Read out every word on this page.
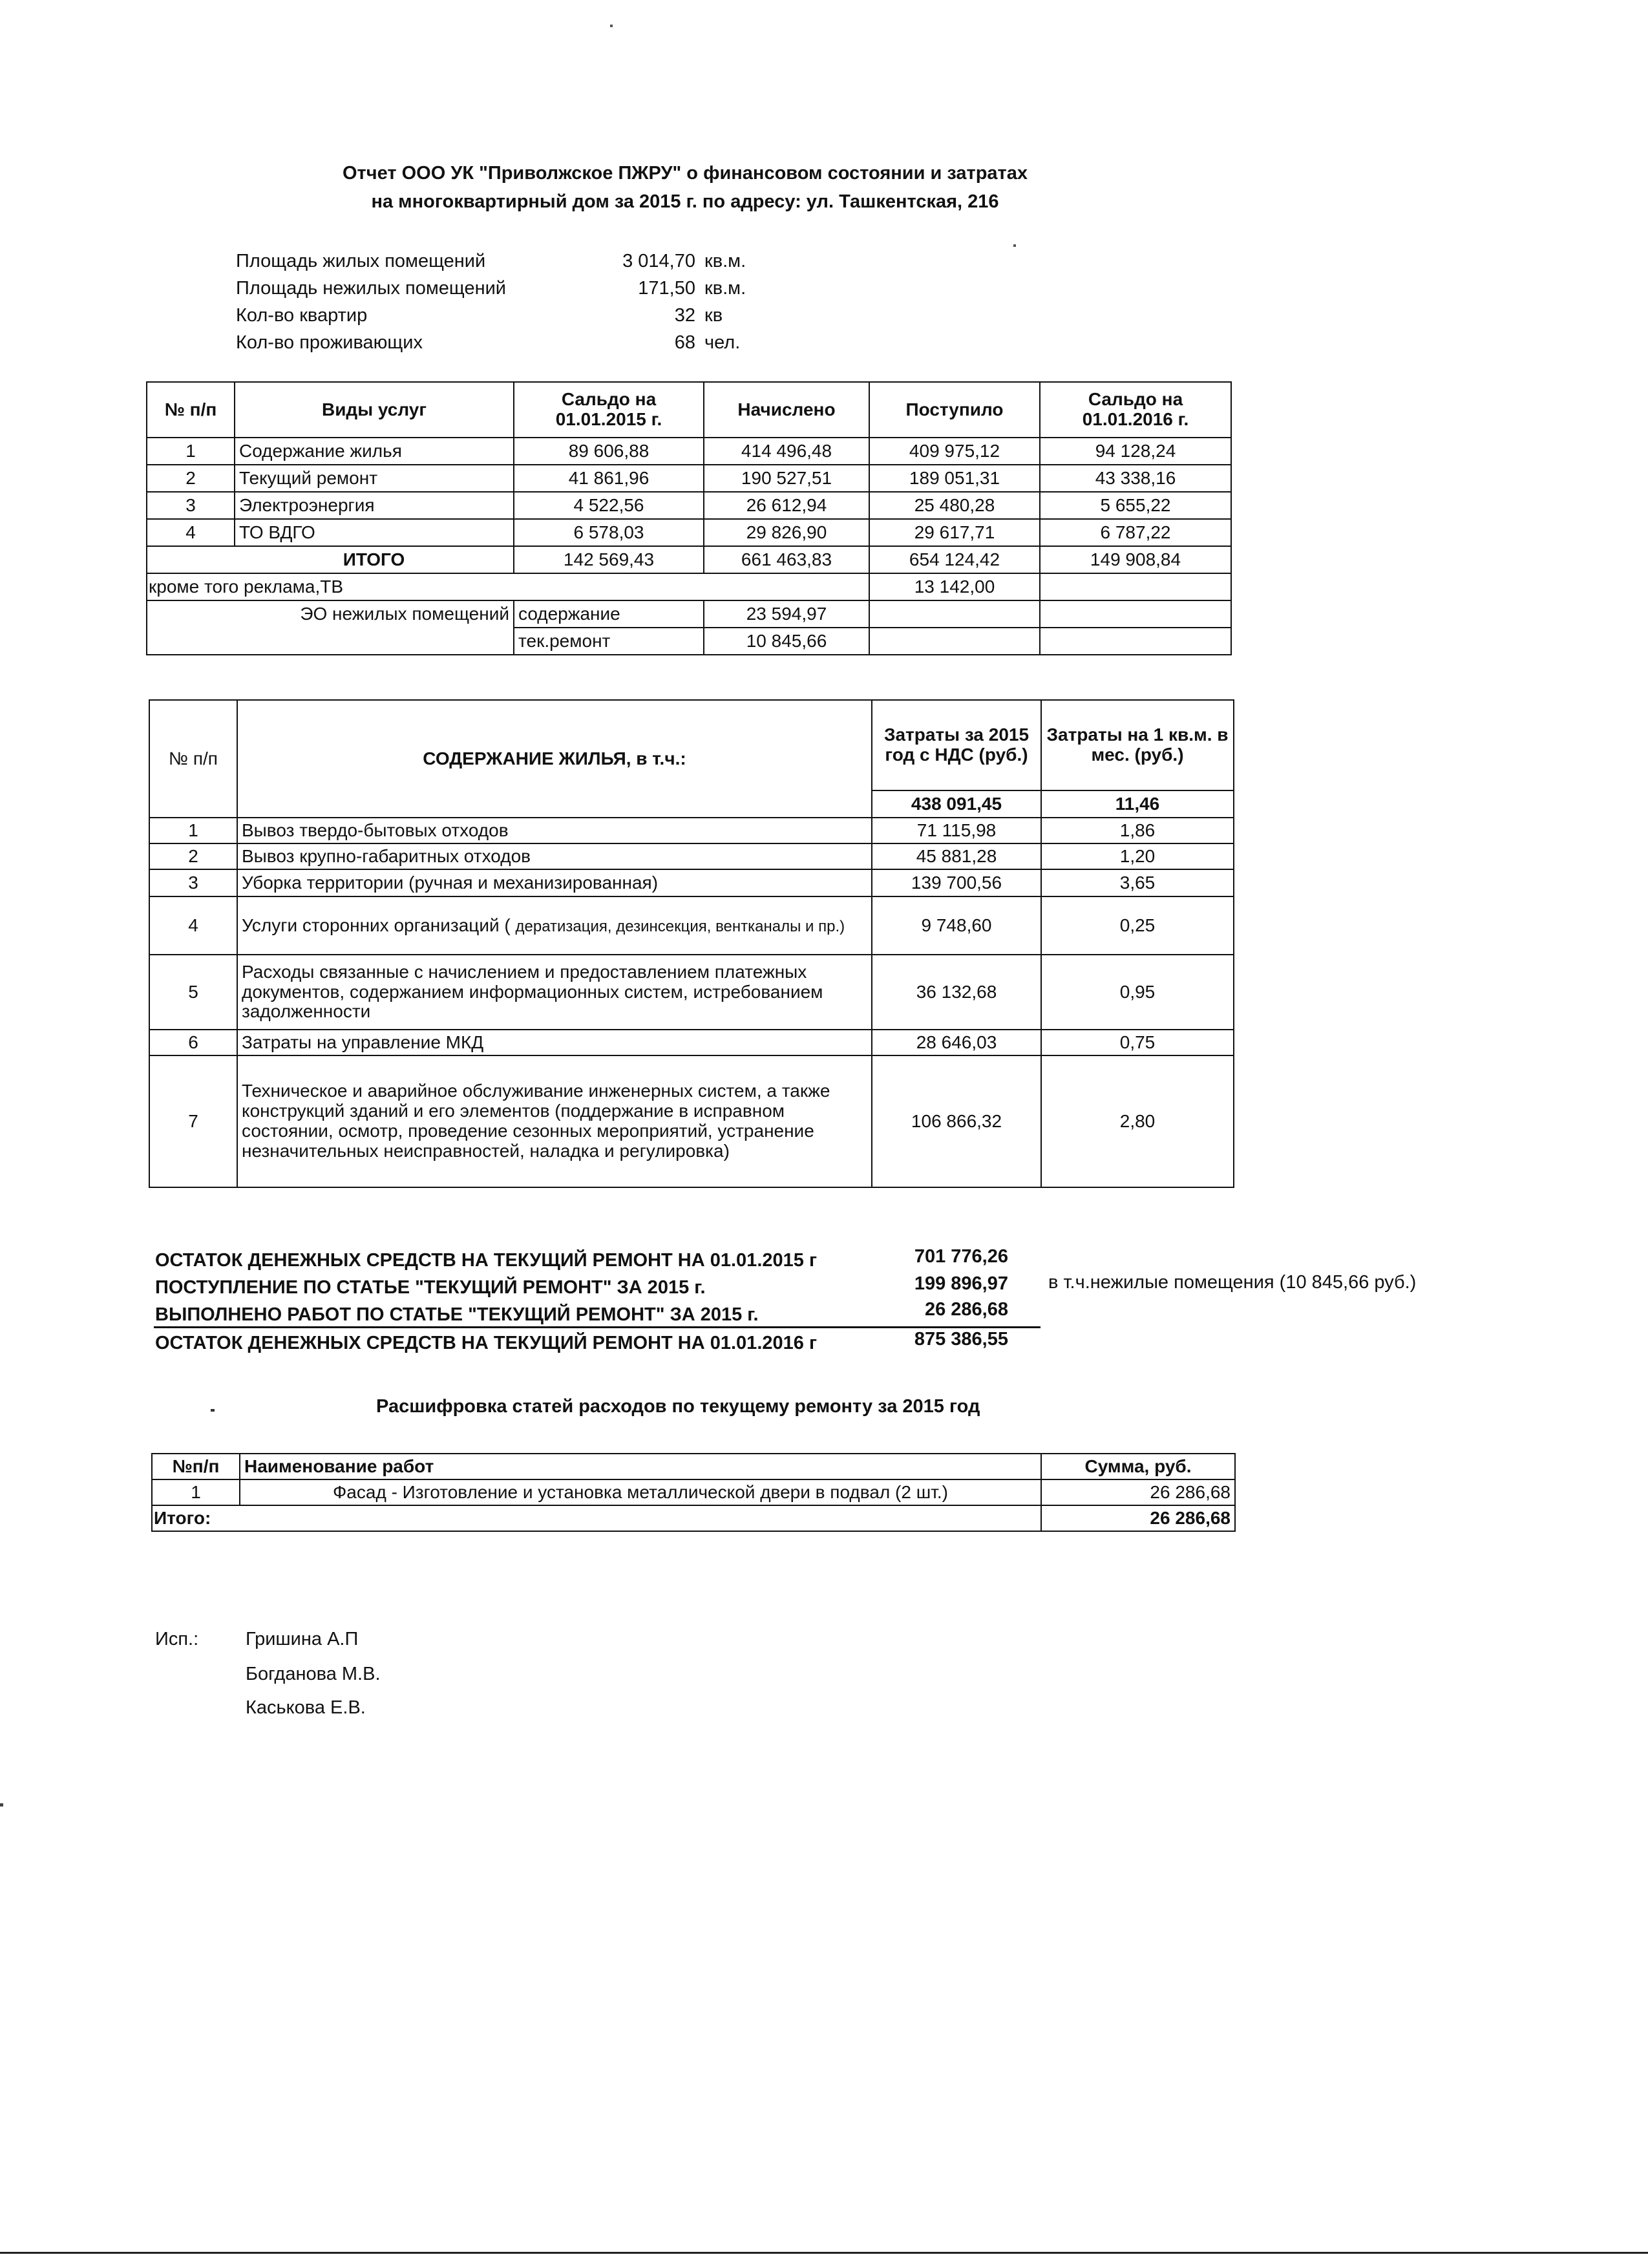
Отчет ООО УК "Приволжское ПЖРУ" о финансовом состоянии и затратах
на многоквартирный дом за 2015 г. по адресу: ул. Ташкентская, 216
Площадь жилых помещений	3 014,70 кв.м.
Площадь нежилых помещений	171,50 кв.м.
Кол-во квартир	32 кв
Кол-во проживающих	68 чел.
№ п/п	Виды услуг	Сальдо на 01.01.2015 г.	Начислено	Поступило	Сальдо на 01.01.2016 г.
1	Содержание жилья	89 606,88	414 496,48	409 975,12	94 128,24
2	Текущий ремонт	41 861,96	190 527,51	189 051,31	43 338,16
3	Электроэнергия	4 522,56	26 612,94	25 480,28	5 655,22
4	ТО ВДГО	6 578,03	29 826,90	29 617,71	6 787,22
	ИТОГО	142 569,43	661 463,83	654 124,42	149 908,84
кроме того реклама,ТВ				13 142,00	
ЭО нежилых помещений		содержание	23 594,97		
		тек.ремонт	10 845,66		
№ п/п	СОДЕРЖАНИЕ ЖИЛЬЯ, в т.ч.:	Затраты за 2015 год с НДС (руб.)	Затраты на 1 кв.м. в мес. (руб.)
		438 091,45	11,46
1	Вывоз твердо-бытовых отходов	71 115,98	1,86
2	Вывоз крупно-габаритных отходов	45 881,28	1,20
3	Уборка территории (ручная и механизированная)	139 700,56	3,65
4	Услуги сторонних организаций ( дератизация, дезинсекция, вентканалы и пр.)	9 748,60	0,25
5	Расходы связанные с начислением и предоставлением платежных документов, содержанием информационных систем, истребованием задолженности	36 132,68	0,95
6	Затраты на управление МКД	28 646,03	0,75
7	Техническое и аварийное обслуживание инженерных систем, а также конструкций зданий и его элементов (поддержание в исправном состоянии, осмотр, проведение сезонных мероприятий, устранение незначительных неисправностей, наладка и регулировка)	106 866,32	2,80
ОСТАТОК ДЕНЕЖНЫХ СРЕДСТВ НА ТЕКУЩИЙ РЕМОНТ НА 01.01.2015 г	701 776,26
ПОСТУПЛЕНИЕ ПО СТАТЬЕ "ТЕКУЩИЙ РЕМОНТ" ЗА 2015 г.	199 896,97 в т.ч.нежилые помещения (10 845,66 руб.)
ВЫПОЛНЕНО РАБОТ ПО СТАТЬЕ "ТЕКУЩИЙ РЕМОНТ" ЗА 2015 г.	26 286,68
ОСТАТОК ДЕНЕЖНЫХ СРЕДСТВ НА ТЕКУЩИЙ РЕМОНТ НА 01.01.2016 г	875 386,55
Расшифровка статей расходов по текущему ремонту за 2015 год
№п/п	Наименование работ	Сумма, руб.
1	Фасад - Изготовление и установка металлической двери в подвал (2 шт.)	26 286,68
Итого:		26 286,68
Исп.:	Гришина А.П
Богданова М.В.
Каськова Е.В.
